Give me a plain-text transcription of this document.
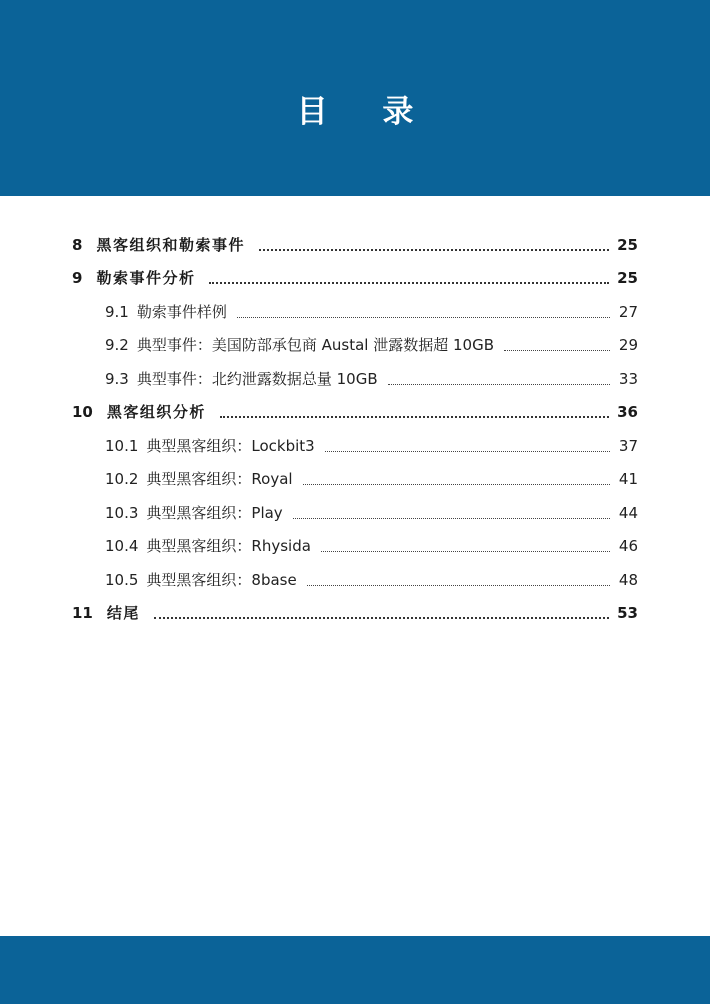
目 录
8 黑客组织和勒索事件	25
9 勒索事件分析	25
9.1 勒索事件样例	27
9.2 典型事件：美国防部承包商 Austal 泄露数据超 10GB	29
9.3 典型事件：北约泄露数据总量 10GB	33
10 黑客组织分析	36
10.1 典型黑客组织：Lockbit3	37
10.2 典型黑客组织：Royal	41
10.3 典型黑客组织：Play	44
10.4 典型黑客组织：Rhysida	46
10.5 典型黑客组织：8base	48
11 结尾	53
